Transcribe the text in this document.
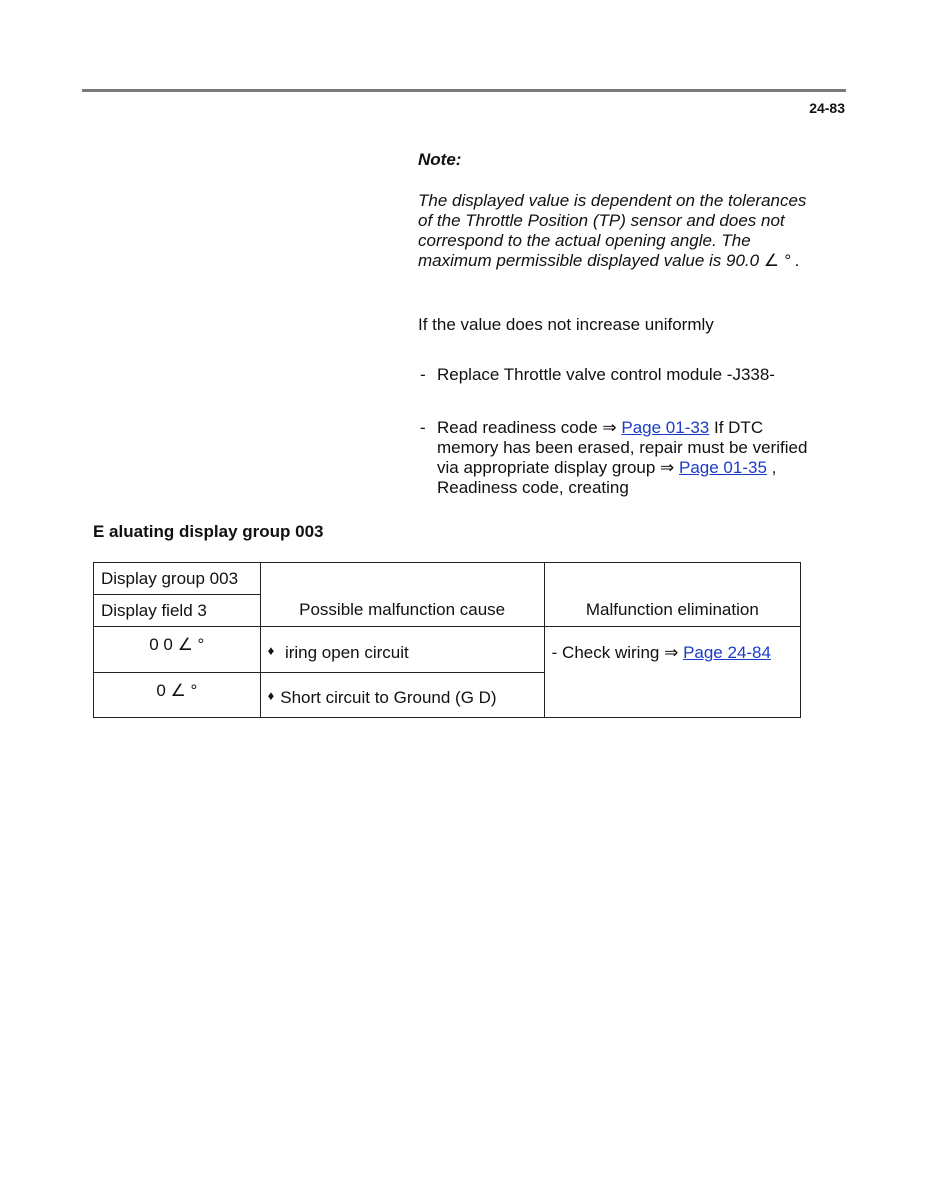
24-83
Note:
The displayed value is dependent on the tolerances of the Throttle Position (TP) sensor and does not correspond to the actual opening angle. The maximum permissible displayed value is 90.0 ∠ ° .
If the value does not increase uniformly
- Replace Throttle valve control module -J338-
- Read readiness code ⇒ Page 01-33 If DTC memory has been erased, repair must be verified via appropriate display group ⇒ Page 01-35 , Readiness code, creating
E aluating display group 003
Display group 003	Possible malfunction cause	Malfunction elimination
Display field 3		
0 0 ∠ °	♦ iring open circuit	- Check wiring ⇒ Page 24-84
0 ∠ °	♦ Short circuit to Ground (G D)	
